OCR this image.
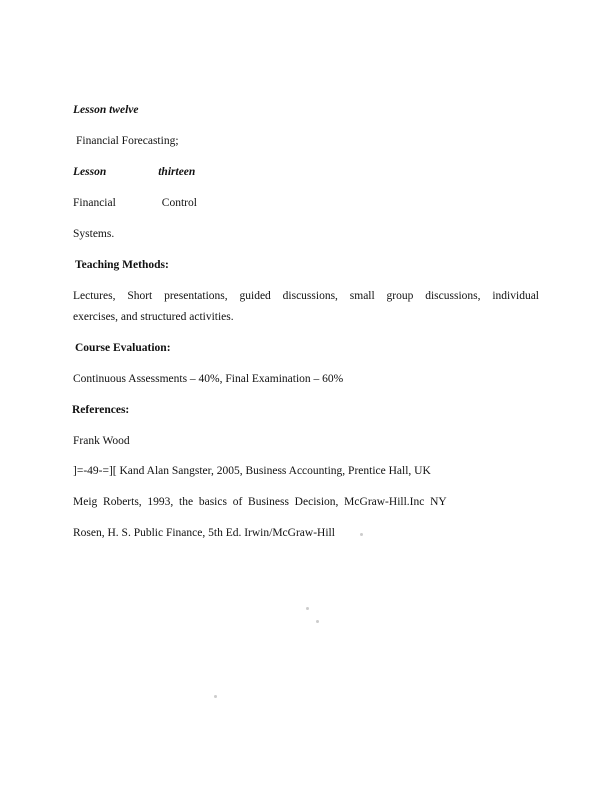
Lesson twelve
Financial Forecasting;
Lesson	thirteen
Financial	Control
Systems.
Teaching Methods:
Lectures, Short presentations, guided discussions, small group discussions, individual
exercises, and structured activities.
Course Evaluation:
Continuous Assessments – 40%, Final Examination – 60%
References:
Frank Wood
]=-49-=][ Kand Alan Sangster, 2005, Business Accounting, Prentice Hall, UK
Meig  Roberts,  1993,  the  basics  of  Business  Decision,  McGraw-Hill.Inc  NY
Rosen, H. S. Public Finance, 5th Ed. Irwin/McGraw-Hill
